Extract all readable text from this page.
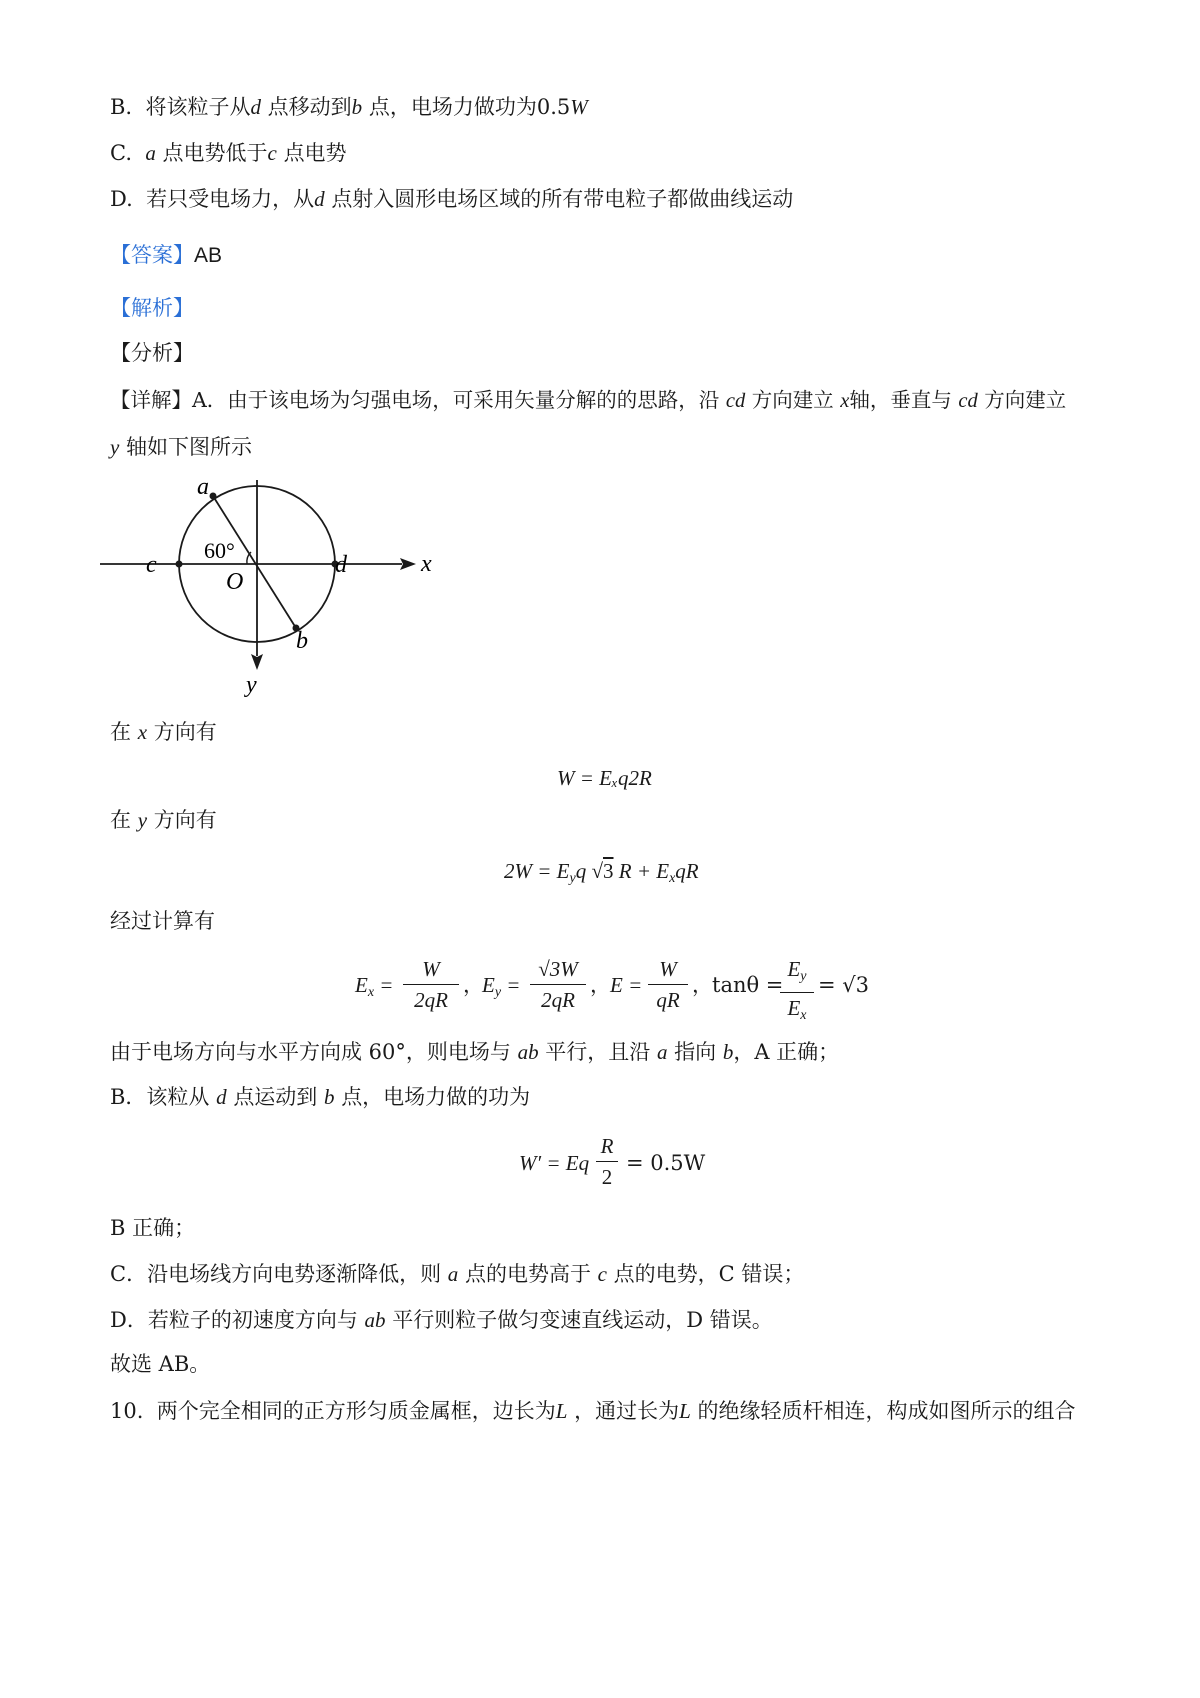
B. 将该粒子从d 点移动到b 点，电场力做功为0.5W
C. a 点电势低于c 点电势
D. 若只受电场力，从d 点射入圆形电场区域的所有带电粒子都做曲线运动
【答案】AB
【解析】
【分析】
【详解】A．由于该电场为匀强电场，可采用矢量分解的的思路，沿 cd 方向建立 x轴，垂直与 cd 方向建立
y 轴如下图所示
a
b
c	d
O
x
y
60°
在 x 方向有
W = Eₓq2R
在 y 方向有
$2W = E_yq$ √3 $R + E_xqR$
经过计算有
$E_x$ =
W
2qR
，
$E_y$ =
√3W
2qR
， E =
W
qR
， tanθ =
$E_y$
$E_x$
= √3
由于电场方向与水平方向成 60°，则电场与 ab 平行，且沿 a 指向 b，A 正确；
B．该粒从 d 点运动到 b 点，电场力做的功为
W′ = Eq
R
2
= 0.5W
B 正确；
C．沿电场线方向电势逐渐降低，则 a 点的电势高于 c 点的电势，C 错误；
D．若粒子的初速度方向与 ab 平行则粒子做匀变速直线运动，D 错误。
故选 AB。
10. 两个完全相同的正方形匀质金属框，边长为L ，通过长为L 的绝缘轻质杆相连，构成如图所示的组合
